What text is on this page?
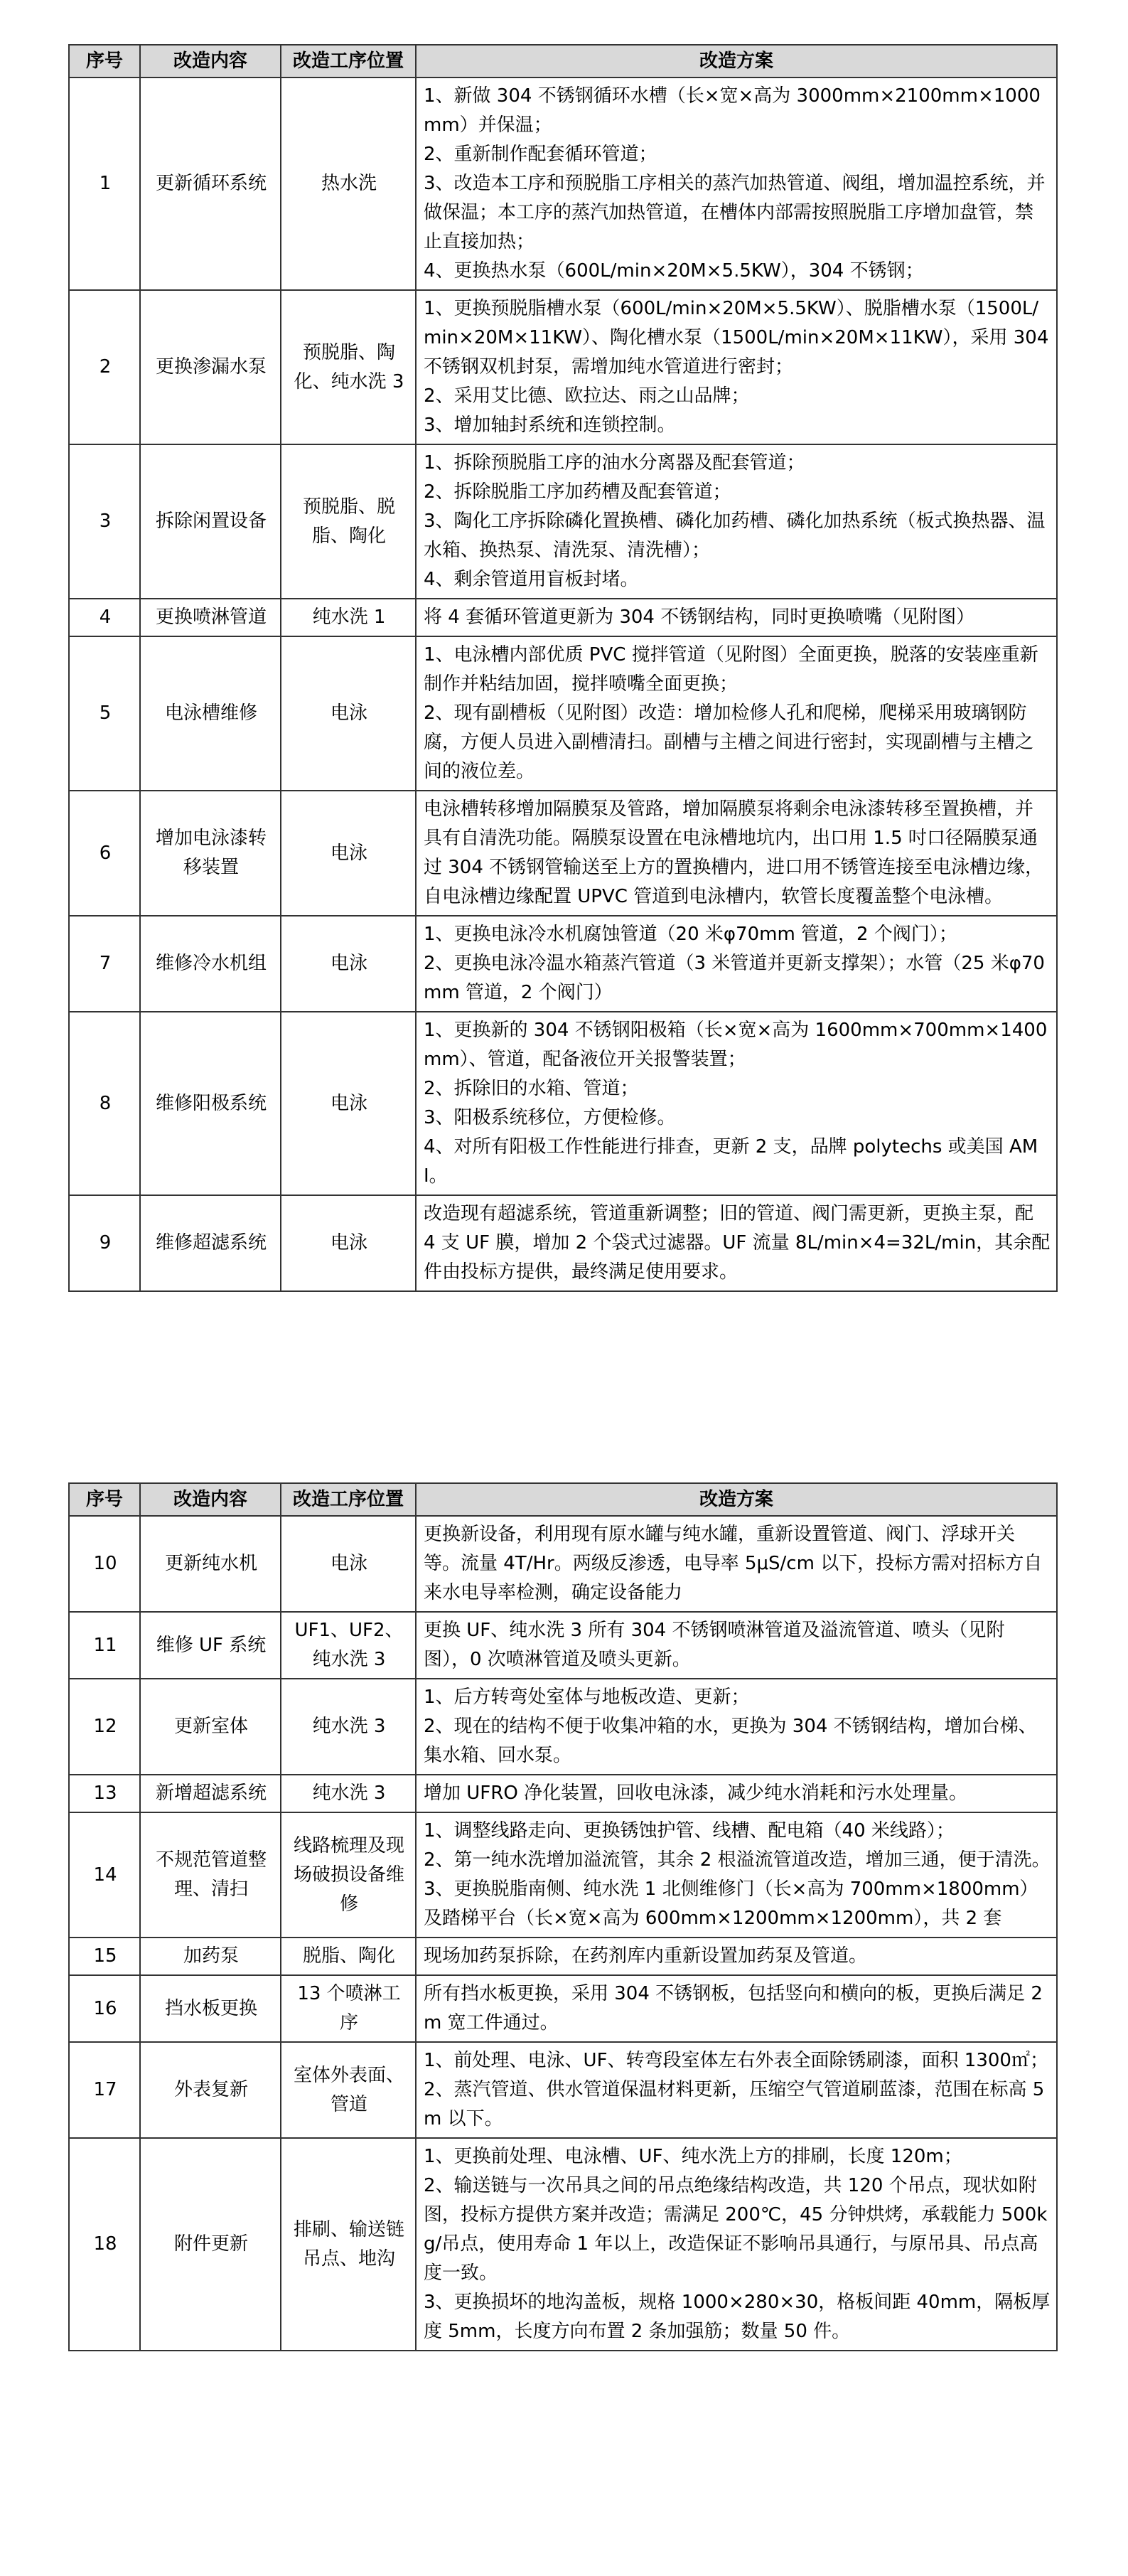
序号	改造内容	改造工序位置	改造方案
1	更新循环系统	热水洗	1、新做 304 不锈钢循环水槽（长×宽×高为 3000mm×2100mm×1000mm）并保温；
2、重新制作配套循环管道；
3、改造本工序和预脱脂工序相关的蒸汽加热管道、阀组，增加温控系统，并做保温；本工序的蒸汽加热管道，在槽体内部需按照脱脂工序增加盘管，禁止直接加热；
4、更换热水泵（600L/min×20M×5.5KW），304 不锈钢；

2	更换渗漏水泵	预脱脂、陶化、纯水洗 3	1、更换预脱脂槽水泵（600L/min×20M×5.5KW）、脱脂槽水泵（1500L/min×20M×11KW）、陶化槽水泵（1500L/min×20M×11KW），采用 304 不锈钢双机封泵，需增加纯水管道进行密封；
2、采用艾比德、欧拉达、雨之山品牌；
3、增加轴封系统和连锁控制。

3	拆除闲置设备	预脱脂、脱脂、陶化	1、拆除预脱脂工序的油水分离器及配套管道；
2、拆除脱脂工序加药槽及配套管道；
3、陶化工序拆除磷化置换槽、磷化加药槽、磷化加热系统（板式换热器、温水箱、换热泵、清洗泵、清洗槽）；
4、剩余管道用盲板封堵。

4	更换喷淋管道	纯水洗 1	将 4 套循环管道更新为 304 不锈钢结构，同时更换喷嘴（见附图）

5	电泳槽维修	电泳	1、电泳槽内部优质 PVC 搅拌管道（见附图）全面更换，脱落的安装座重新制作并粘结加固，搅拌喷嘴全面更换；
2、现有副槽板（见附图）改造：增加检修人孔和爬梯，爬梯采用玻璃钢防腐，方便人员进入副槽清扫。副槽与主槽之间进行密封，实现副槽与主槽之间的液位差。

6	增加电泳漆转移装置	电泳	电泳槽转移增加隔膜泵及管路，增加隔膜泵将剩余电泳漆转移至置换槽，并具有自清洗功能。隔膜泵设置在电泳槽地坑内，出口用 1.5 吋口径隔膜泵通过 304 不锈钢管输送至上方的置换槽内，进口用不锈管连接至电泳槽边缘，自电泳槽边缘配置 UPVC 管道到电泳槽内，软管长度覆盖整个电泳槽。

7	维修冷水机组	电泳	1、更换电泳冷水机腐蚀管道（20 米φ70mm 管道，2 个阀门）；
2、更换电泳冷温水箱蒸汽管道（3 米管道并更新支撑架）；水管（25 米φ70mm 管道，2 个阀门）

8	维修阳极系统	电泳	1、更换新的 304 不锈钢阳极箱（长×宽×高为 1600mm×700mm×1400mm）、管道，配备液位开关报警装置；
2、拆除旧的水箱、管道；
3、阳极系统移位，方便检修。
4、对所有阳极工作性能进行排查，更新 2 支，品牌 polytechs 或美国 AMI。

9	维修超滤系统	电泳	改造现有超滤系统，管道重新调整；旧的管道、阀门需更新，更换主泵，配 4 支 UF 膜，增加 2 个袋式过滤器。UF 流量 8L/min×4=32L/min，其余配件由投标方提供，最终满足使用要求。
序号	改造内容	改造工序位置	改造方案
10	更新纯水机	电泳	更换新设备，利用现有原水罐与纯水罐，重新设置管道、阀门、浮球开关等。流量 4T/Hr。两级反渗透，电导率 5μS/cm 以下，投标方需对招标方自来水电导率检测，确定设备能力

11	维修 UF 系统	UF1、UF2、纯水洗 3	更换 UF、纯水洗 3 所有 304 不锈钢喷淋管道及溢流管道、喷头（见附图），0 次喷淋管道及喷头更新。

12	更新室体	纯水洗 3	1、后方转弯处室体与地板改造、更新；
2、现在的结构不便于收集冲箱的水，更换为 304 不锈钢结构，增加台梯、集水箱、回水泵。

13	新增超滤系统	纯水洗 3	增加 UFRO 净化装置，回收电泳漆，减少纯水消耗和污水处理量。

14	不规范管道整理、清扫	线路梳理及现场破损设备维修	1、调整线路走向、更换锈蚀护管、线槽、配电箱（40 米线路）；
2、第一纯水洗增加溢流管，其余 2 根溢流管道改造，增加三通，便于清洗。
3、更换脱脂南侧、纯水洗 1 北侧维修门（长×高为 700mm×1800mm）及踏梯平台（长×宽×高为 600mm×1200mm×1200mm），共 2 套

15	加药泵	脱脂、陶化	现场加药泵拆除，在药剂库内重新设置加药泵及管道。

16	挡水板更换	13 个喷淋工序	所有挡水板更换，采用 304 不锈钢板，包括竖向和横向的板，更换后满足 2m 宽工件通过。

17	外表复新	室体外表面、管道	1、前处理、电泳、UF、转弯段室体左右外表全面除锈刷漆，面积 1300㎡；
2、蒸汽管道、供水管道保温材料更新，压缩空气管道刷蓝漆，范围在标高 5m 以下。

18	附件更新	排刷、输送链吊点、地沟	1、更换前处理、电泳槽、UF、纯水洗上方的排刷，长度 120m；
2、输送链与一次吊具之间的吊点绝缘结构改造，共 120 个吊点，现状如附图，投标方提供方案并改造；需满足 200℃，45 分钟烘烤，承载能力 500kg/吊点，使用寿命 1 年以上，改造保证不影响吊具通行，与原吊具、吊点高度一致。
3、更换损坏的地沟盖板，规格 1000×280×30，格板间距 40mm，隔板厚度 5mm，长度方向布置 2 条加强筋；数量 50 件。
